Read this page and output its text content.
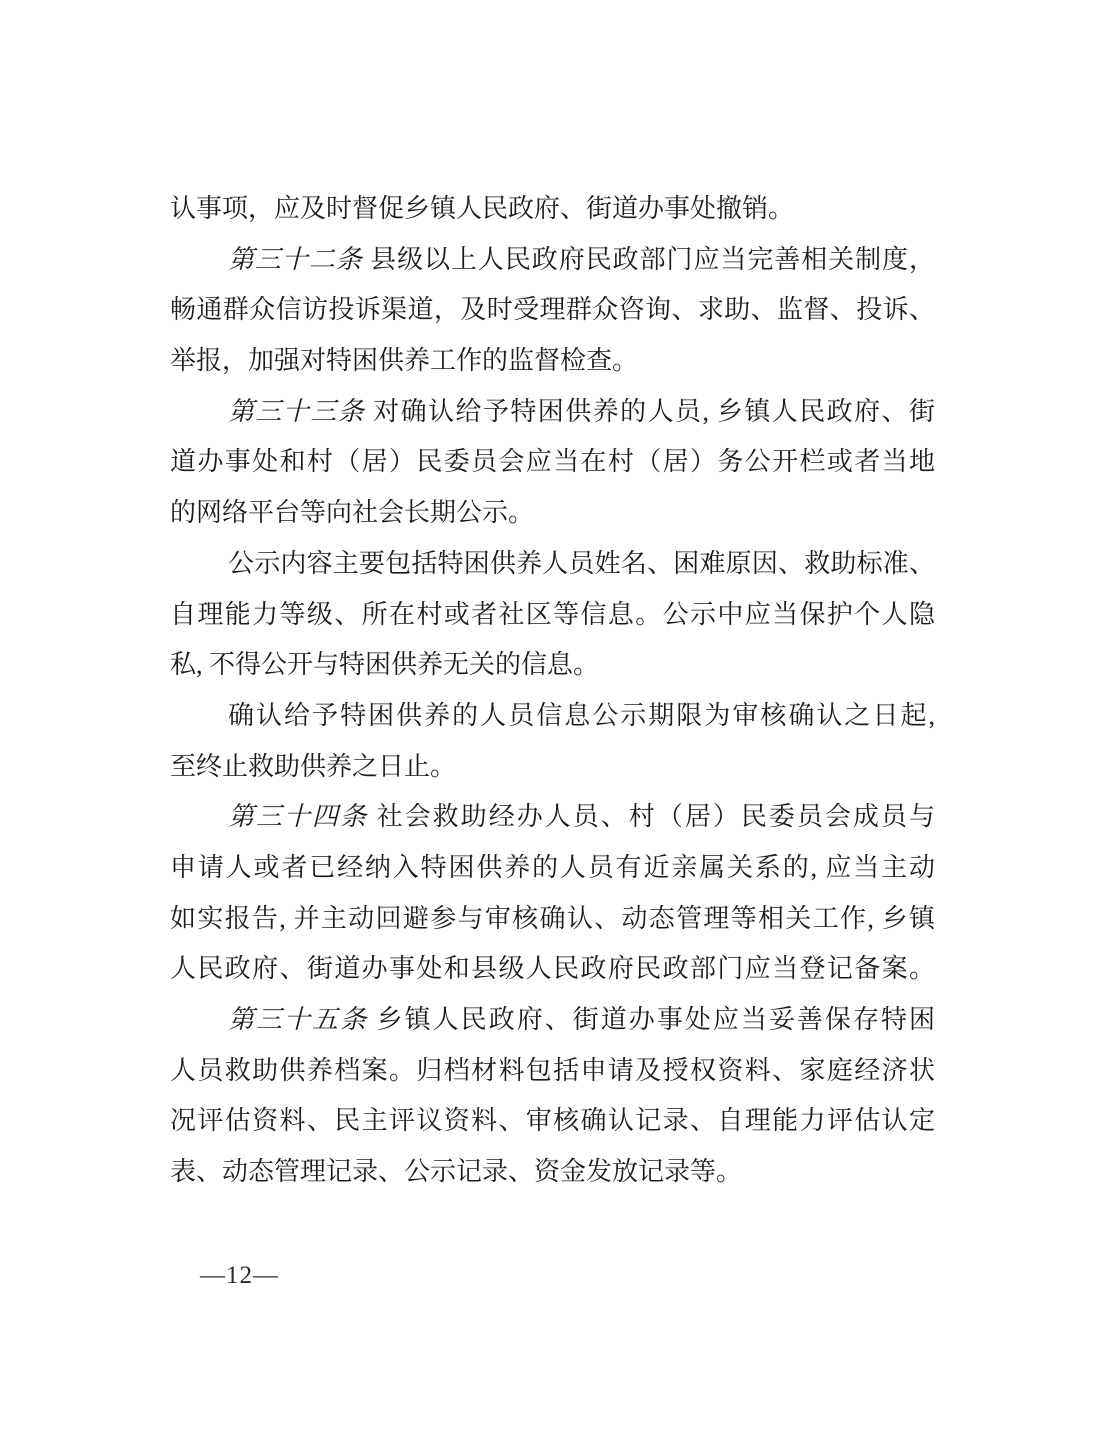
认事项，应及时督促乡镇人民政府、街道办事处撤销。
第三十二条 县级以上人民政府民政部门应当完善相关制度，
畅通群众信访投诉渠道，及时受理群众咨询、求助、监督、投诉、
举报，加强对特困供养工作的监督检查。
第三十三条 对确认给予特困供养的人员, 乡镇人民政府、街
道办事处和村（居）民委员会应当在村（居）务公开栏或者当地
的网络平台等向社会长期公示。
公示内容主要包括特困供养人员姓名、困难原因、救助标准、
自理能力等级、所在村或者社区等信息。公示中应当保护个人隐
私, 不得公开与特困供养无关的信息。
确认给予特困供养的人员信息公示期限为审核确认之日起,
至终止救助供养之日止。
第三十四条 社会救助经办人员、村（居）民委员会成员与
申请人或者已经纳入特困供养的人员有近亲属关系的, 应当主动
如实报告, 并主动回避参与审核确认、动态管理等相关工作, 乡镇
人民政府、街道办事处和县级人民政府民政部门应当登记备案。
第三十五条 乡镇人民政府、街道办事处应当妥善保存特困
人员救助供养档案。归档材料包括申请及授权资料、家庭经济状
况评估资料、民主评议资料、审核确认记录、自理能力评估认定
表、动态管理记录、公示记录、资金发放记录等。
—12—
